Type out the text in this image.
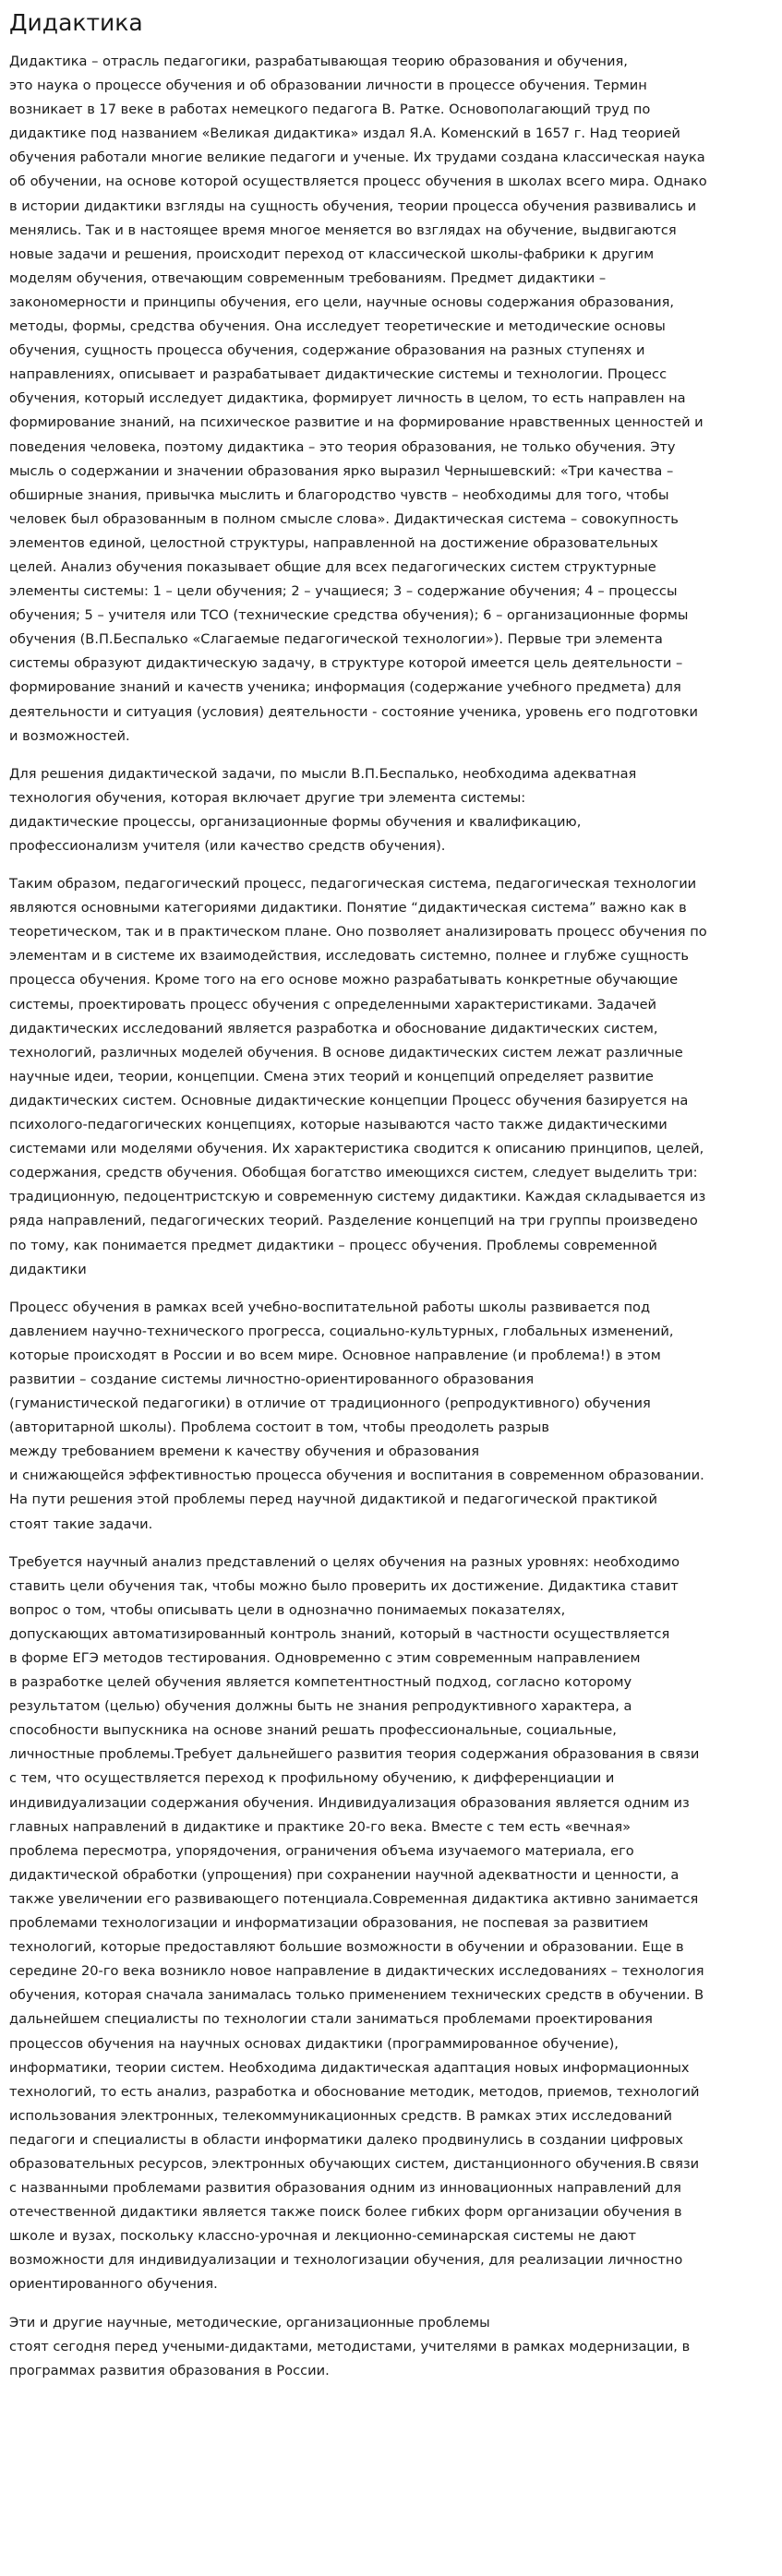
Дидактика

Дидактика – отрасль педагогики, разрабатывающая теорию образования и обучения,
это наука о процессе обучения и об образовании личности в процессе обучения. Термин
возникает в 17 веке в работах немецкого педагога В. Ратке. Основополагающий труд по
дидактике под названием «Великая дидактика» издал Я.А. Коменский в 1657 г. Над теорией
обучения работали многие великие педагоги и ученые. Их трудами создана классическая наука
об обучении, на основе которой осуществляется процесс обучения в школах всего мира. Однако
в истории дидактики взгляды на сущность обучения, теории процесса обучения развивались и
менялись. Так и в настоящее время многое меняется во взглядах на обучение, выдвигаются
новые задачи и решения, происходит переход от классической школы-фабрики к другим
моделям обучения, отвечающим современным требованиям. Предмет дидактики –
закономерности и принципы обучения, его цели, научные основы содержания образования,
методы, формы, средства обучения. Она исследует теоретические и методические основы
обучения, сущность процесса обучения, содержание образования на разных ступенях и
направлениях, описывает и разрабатывает дидактические системы и технологии. Процесс
обучения, который исследует дидактика, формирует личность в целом, то есть направлен на
формирование знаний, на психическое развитие и на формирование нравственных ценностей и
поведения человека, поэтому дидактика – это теория образования, не только обучения. Эту
мысль о содержании и значении образования ярко выразил Чернышевский: «Три качества –
обширные знания, привычка мыслить и благородство чувств – необходимы для того, чтобы
человек был образованным в полном смысле слова». Дидактическая система – совокупность
элементов единой, целостной структуры, направленной на достижение образовательных
целей. Анализ обучения показывает общие для всех педагогических систем структурные
элементы системы: 1 – цели обучения; 2 – учащиеся; 3 – содержание обучения; 4 – процессы
обучения; 5 – учителя или ТСО (технические средства обучения); 6 – организационные формы
обучения (В.П.Беспалько «Слагаемые педагогической технологии»). Первые три элемента
системы образуют дидактическую задачу, в структуре которой имеется цель деятельности –
формирование знаний и качеств ученика; информация (содержание учебного предмета) для
деятельности и ситуация (условия) деятельности - состояние ученика, уровень его подготовки
и возможностей.

Для решения дидактической задачи, по мысли В.П.Беспалько, необходима адекватная
технология обучения, которая включает другие три элемента системы:
дидактические процессы, организационные формы обучения и квалификацию,
профессионализм учителя (или качество средств обучения).

Таким образом, педагогический процесс, педагогическая система, педагогическая технологии
являются основными категориями дидактики. Понятие “дидактическая система” важно как в
теоретическом, так и в практическом плане. Оно позволяет анализировать процесс обучения по
элементам и в системе их взаимодействия, исследовать системно, полнее и глубже сущность
процесса обучения. Кроме того на его основе можно разрабатывать конкретные обучающие
системы, проектировать процесс обучения с определенными характеристиками. Задачей
дидактических исследований является разработка и обоснование дидактических систем,
технологий, различных моделей обучения. В основе дидактических систем лежат различные
научные идеи, теории, концепции. Смена этих теорий и концепций определяет развитие
дидактических систем. Основные дидактические концепции Процесс обучения базируется на
психолого-педагогических концепциях, которые называются часто также дидактическими
системами или моделями обучения. Их характеристика сводится к описанию принципов, целей,
содержания, средств обучения. Обобщая богатство имеющихся систем, следует выделить три:
традиционную, педоцентристскую и современную систему дидактики. Каждая складывается из
ряда направлений, педагогических теорий. Разделение концепций на три группы произведено
по тому, как понимается предмет дидактики – процесс обучения. Проблемы современной
дидактики

Процесс обучения в рамках всей учебно-воспитательной работы школы развивается под
давлением научно-технического прогресса, социально-культурных, глобальных изменений,
которые происходят в России и во всем мире. Основное направление (и проблема!) в этом
развитии – создание системы личностно-ориентированного образования
(гуманистической педагогики) в отличие от традиционного (репродуктивного) обучения
(авторитарной школы). Проблема состоит в том, чтобы преодолеть разрыв
между требованием времени к качеству обучения и образования
и снижающейся эффективностью процесса обучения и воспитания в современном образовании.
На пути решения этой проблемы перед научной дидактикой и педагогической практикой
стоят такие задачи.

Требуется научный анализ представлений о целях обучения на разных уровнях: необходимо
ставить цели обучения так, чтобы можно было проверить их достижение. Дидактика ставит
вопрос о том, чтобы описывать цели в однозначно понимаемых показателях,
допускающих автоматизированный контроль знаний, который в частности осуществляется
в форме ЕГЭ методов тестирования. Одновременно с этим современным направлением
в разработке целей обучения является компетентностный подход, согласно которому
результатом (целью) обучения должны быть не знания репродуктивного характера, а
способности выпускника на основе знаний решать профессиональные, социальные,
личностные проблемы.Требует дальнейшего развития теория содержания образования в связи
с тем, что осуществляется переход к профильному обучению, к дифференциации и
индивидуализации содержания обучения. Индивидуализация образования является одним из
главных направлений в дидактике и практике 20-го века. Вместе с тем есть «вечная»
проблема пересмотра, упорядочения, ограничения объема изучаемого материала, его
дидактической обработки (упрощения) при сохранении научной адекватности и ценности, а
также увеличении его развивающего потенциала.Современная дидактика активно занимается
проблемами технологизации и информатизации образования, не поспевая за развитием
технологий, которые предоставляют большие возможности в обучении и образовании. Еще в
середине 20-го века возникло новое направление в дидактических исследованиях – технология
обучения, которая сначала занималась только применением технических средств в обучении. В
дальнейшем специалисты по технологии стали заниматься проблемами проектирования
процессов обучения на научных основах дидактики (программированное обучение),
информатики, теории систем. Необходима дидактическая адаптация новых информационных
технологий, то есть анализ, разработка и обоснование методик, методов, приемов, технологий
использования электронных, телекоммуникационных средств. В рамках этих исследований
педагоги и специалисты в области информатики далеко продвинулись в создании цифровых
образовательных ресурсов, электронных обучающих систем, дистанционного обучения.В связи
с названными проблемами развития образования одним из инновационных направлений для
отечественной дидактики является также поиск более гибких форм организации обучения в
школе и вузах, поскольку классно-урочная и лекционно-семинарская системы не дают
возможности для индивидуализации и технологизации обучения, для реализации личностно
ориентированного обучения.

Эти и другие научные, методические, организационные проблемы
стоят сегодня перед учеными-дидактами, методистами, учителями в рамках модернизации, в
программах развития образования в России.
